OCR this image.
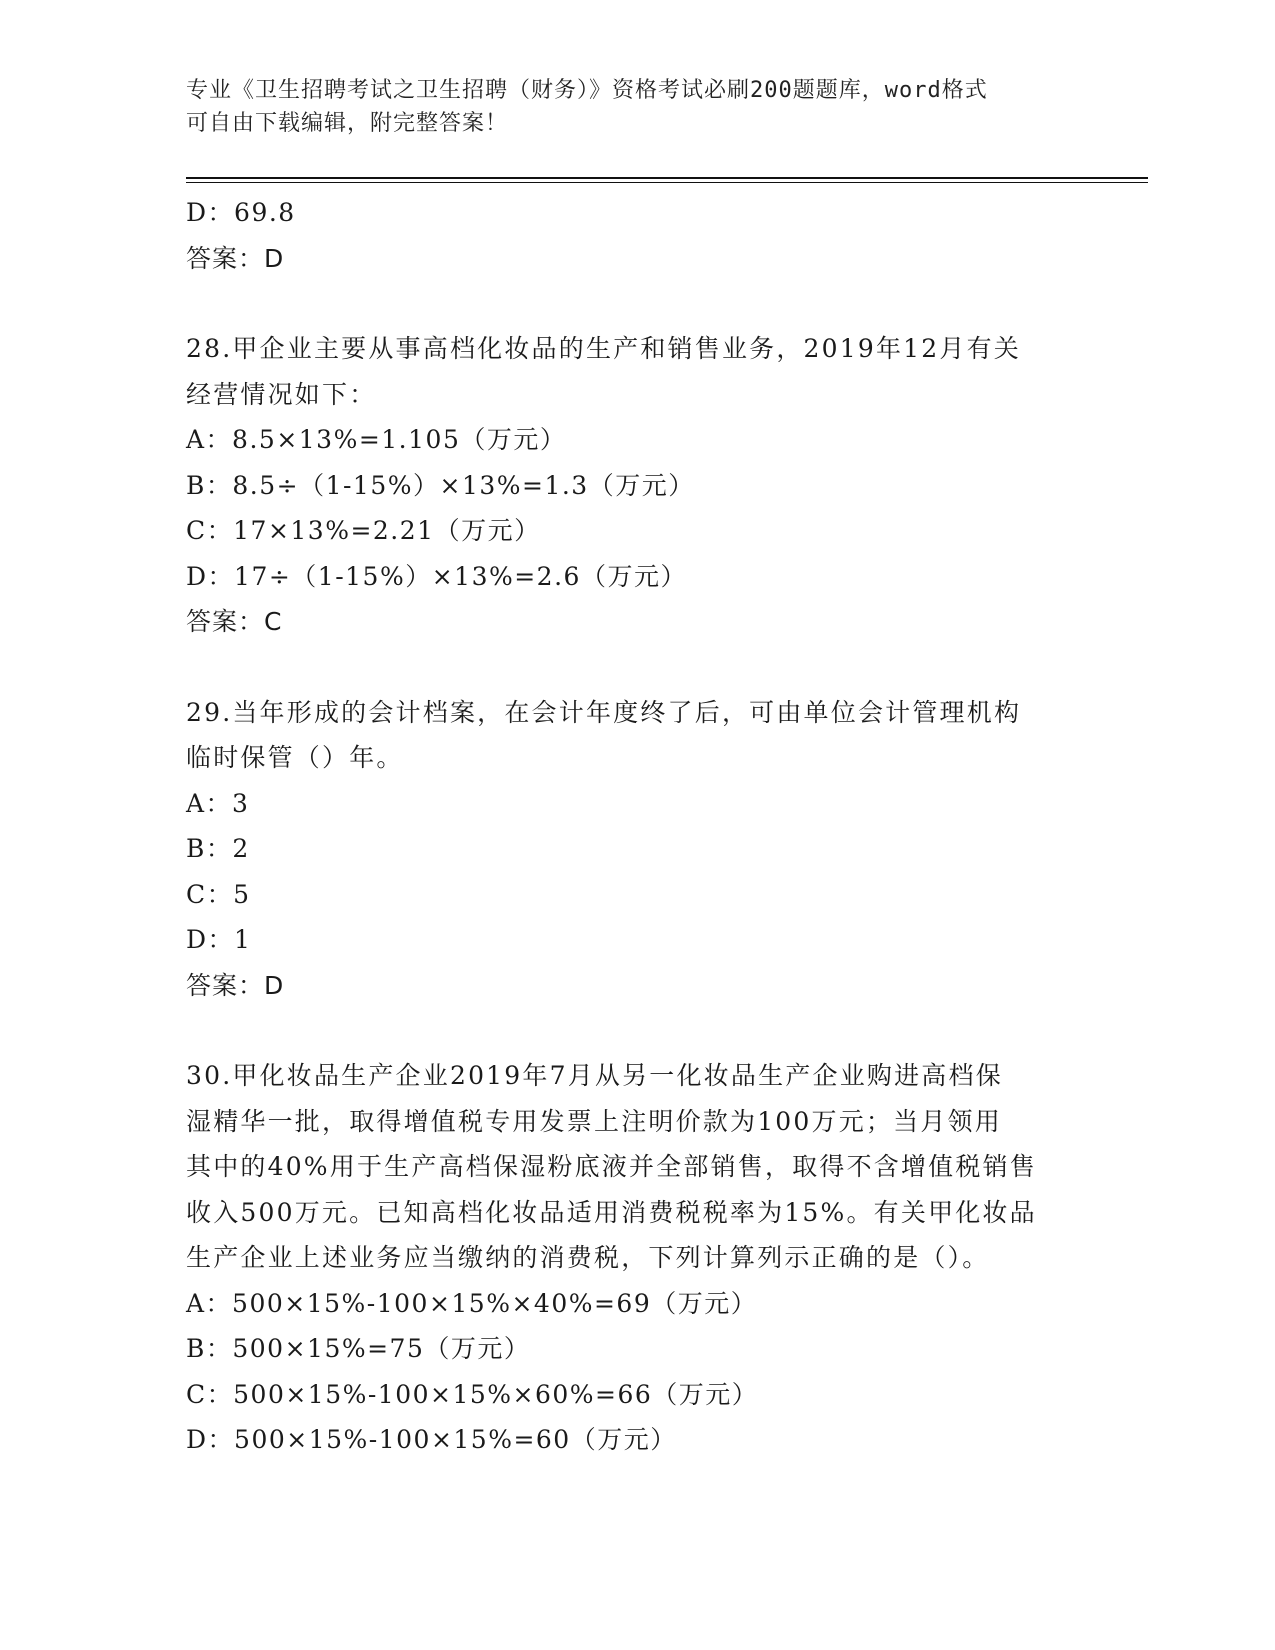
专业《卫生招聘考试之卫生招聘（财务）》资格考试必刷200题题库，word格式
可自由下载编辑，附完整答案！
D：69.8
答案：D
28.甲企业主要从事高档化妆品的生产和销售业务，2019年12月有关
经营情况如下：
A：8.5×13%=1.105（万元）
B：8.5÷（1-15%）×13%=1.3（万元）
C：17×13%=2.21（万元）
D：17÷（1-15%）×13%=2.6（万元）
答案：C
29.当年形成的会计档案，在会计年度终了后，可由单位会计管理机构
临时保管（）年。
A：3
B：2
C：5
D：1
答案：D
30.甲化妆品生产企业2019年7月从另一化妆品生产企业购进高档保
湿精华一批，取得增值税专用发票上注明价款为100万元；当月领用
其中的40%用于生产高档保湿粉底液并全部销售，取得不含增值税销售
收入500万元。已知高档化妆品适用消费税税率为15%。有关甲化妆品
生产企业上述业务应当缴纳的消费税，下列计算列示正确的是（）。
A：500×15%-100×15%×40%=69（万元）
B：500×15%=75（万元）
C：500×15%-100×15%×60%=66（万元）
D：500×15%-100×15%=60（万元）
